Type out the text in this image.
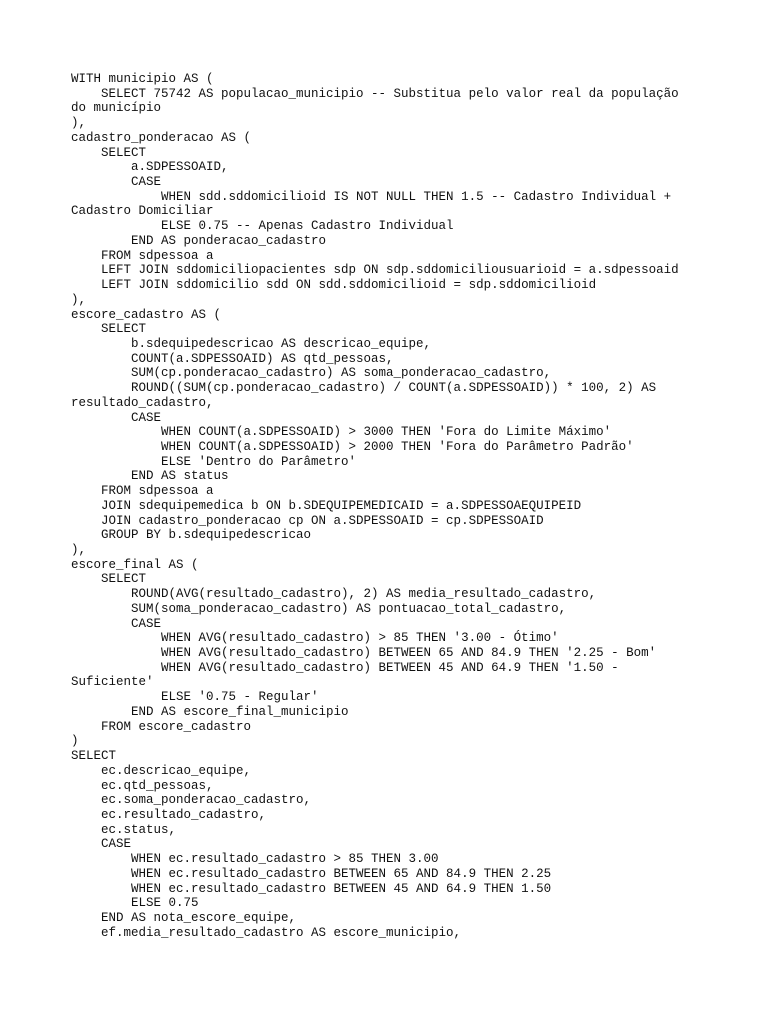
WITH municipio AS (
SELECT 75742 AS populacao_municipio -- Substitua pelo valor real da população
do município
),
cadastro_ponderacao AS (
SELECT
a.SDPESSOAID,
CASE
WHEN sdd.sddomicilioid IS NOT NULL THEN 1.5 -- Cadastro Individual +
Cadastro Domiciliar
ELSE 0.75 -- Apenas Cadastro Individual
END AS ponderacao_cadastro
FROM sdpessoa a
LEFT JOIN sddomiciliopacientes sdp ON sdp.sddomiciliousuarioid = a.sdpessoaid
LEFT JOIN sddomicilio sdd ON sdd.sddomicilioid = sdp.sddomicilioid
),
escore_cadastro AS (
SELECT
b.sdequipedescricao AS descricao_equipe,
COUNT(a.SDPESSOAID) AS qtd_pessoas,
SUM(cp.ponderacao_cadastro) AS soma_ponderacao_cadastro,
ROUND((SUM(cp.ponderacao_cadastro) / COUNT(a.SDPESSOAID)) * 100, 2) AS
resultado_cadastro,
CASE
WHEN COUNT(a.SDPESSOAID) > 3000 THEN 'Fora do Limite Máximo'
WHEN COUNT(a.SDPESSOAID) > 2000 THEN 'Fora do Parâmetro Padrão'
ELSE 'Dentro do Parâmetro'
END AS status
FROM sdpessoa a
JOIN sdequipemedica b ON b.SDEQUIPEMEDICAID = a.SDPESSOAEQUIPEID
JOIN cadastro_ponderacao cp ON a.SDPESSOAID = cp.SDPESSOAID
GROUP BY b.sdequipedescricao
),
escore_final AS (
SELECT
ROUND(AVG(resultado_cadastro), 2) AS media_resultado_cadastro,
SUM(soma_ponderacao_cadastro) AS pontuacao_total_cadastro,
CASE
WHEN AVG(resultado_cadastro) > 85 THEN '3.00 - Ótimo'
WHEN AVG(resultado_cadastro) BETWEEN 65 AND 84.9 THEN '2.25 - Bom'
WHEN AVG(resultado_cadastro) BETWEEN 45 AND 64.9 THEN '1.50 -
Suficiente'
ELSE '0.75 - Regular'
END AS escore_final_municipio
FROM escore_cadastro
)
SELECT
ec.descricao_equipe,
ec.qtd_pessoas,
ec.soma_ponderacao_cadastro,
ec.resultado_cadastro,
ec.status,
CASE
WHEN ec.resultado_cadastro > 85 THEN 3.00
WHEN ec.resultado_cadastro BETWEEN 65 AND 84.9 THEN 2.25
WHEN ec.resultado_cadastro BETWEEN 45 AND 64.9 THEN 1.50
ELSE 0.75
END AS nota_escore_equipe,
ef.media_resultado_cadastro AS escore_municipio,
